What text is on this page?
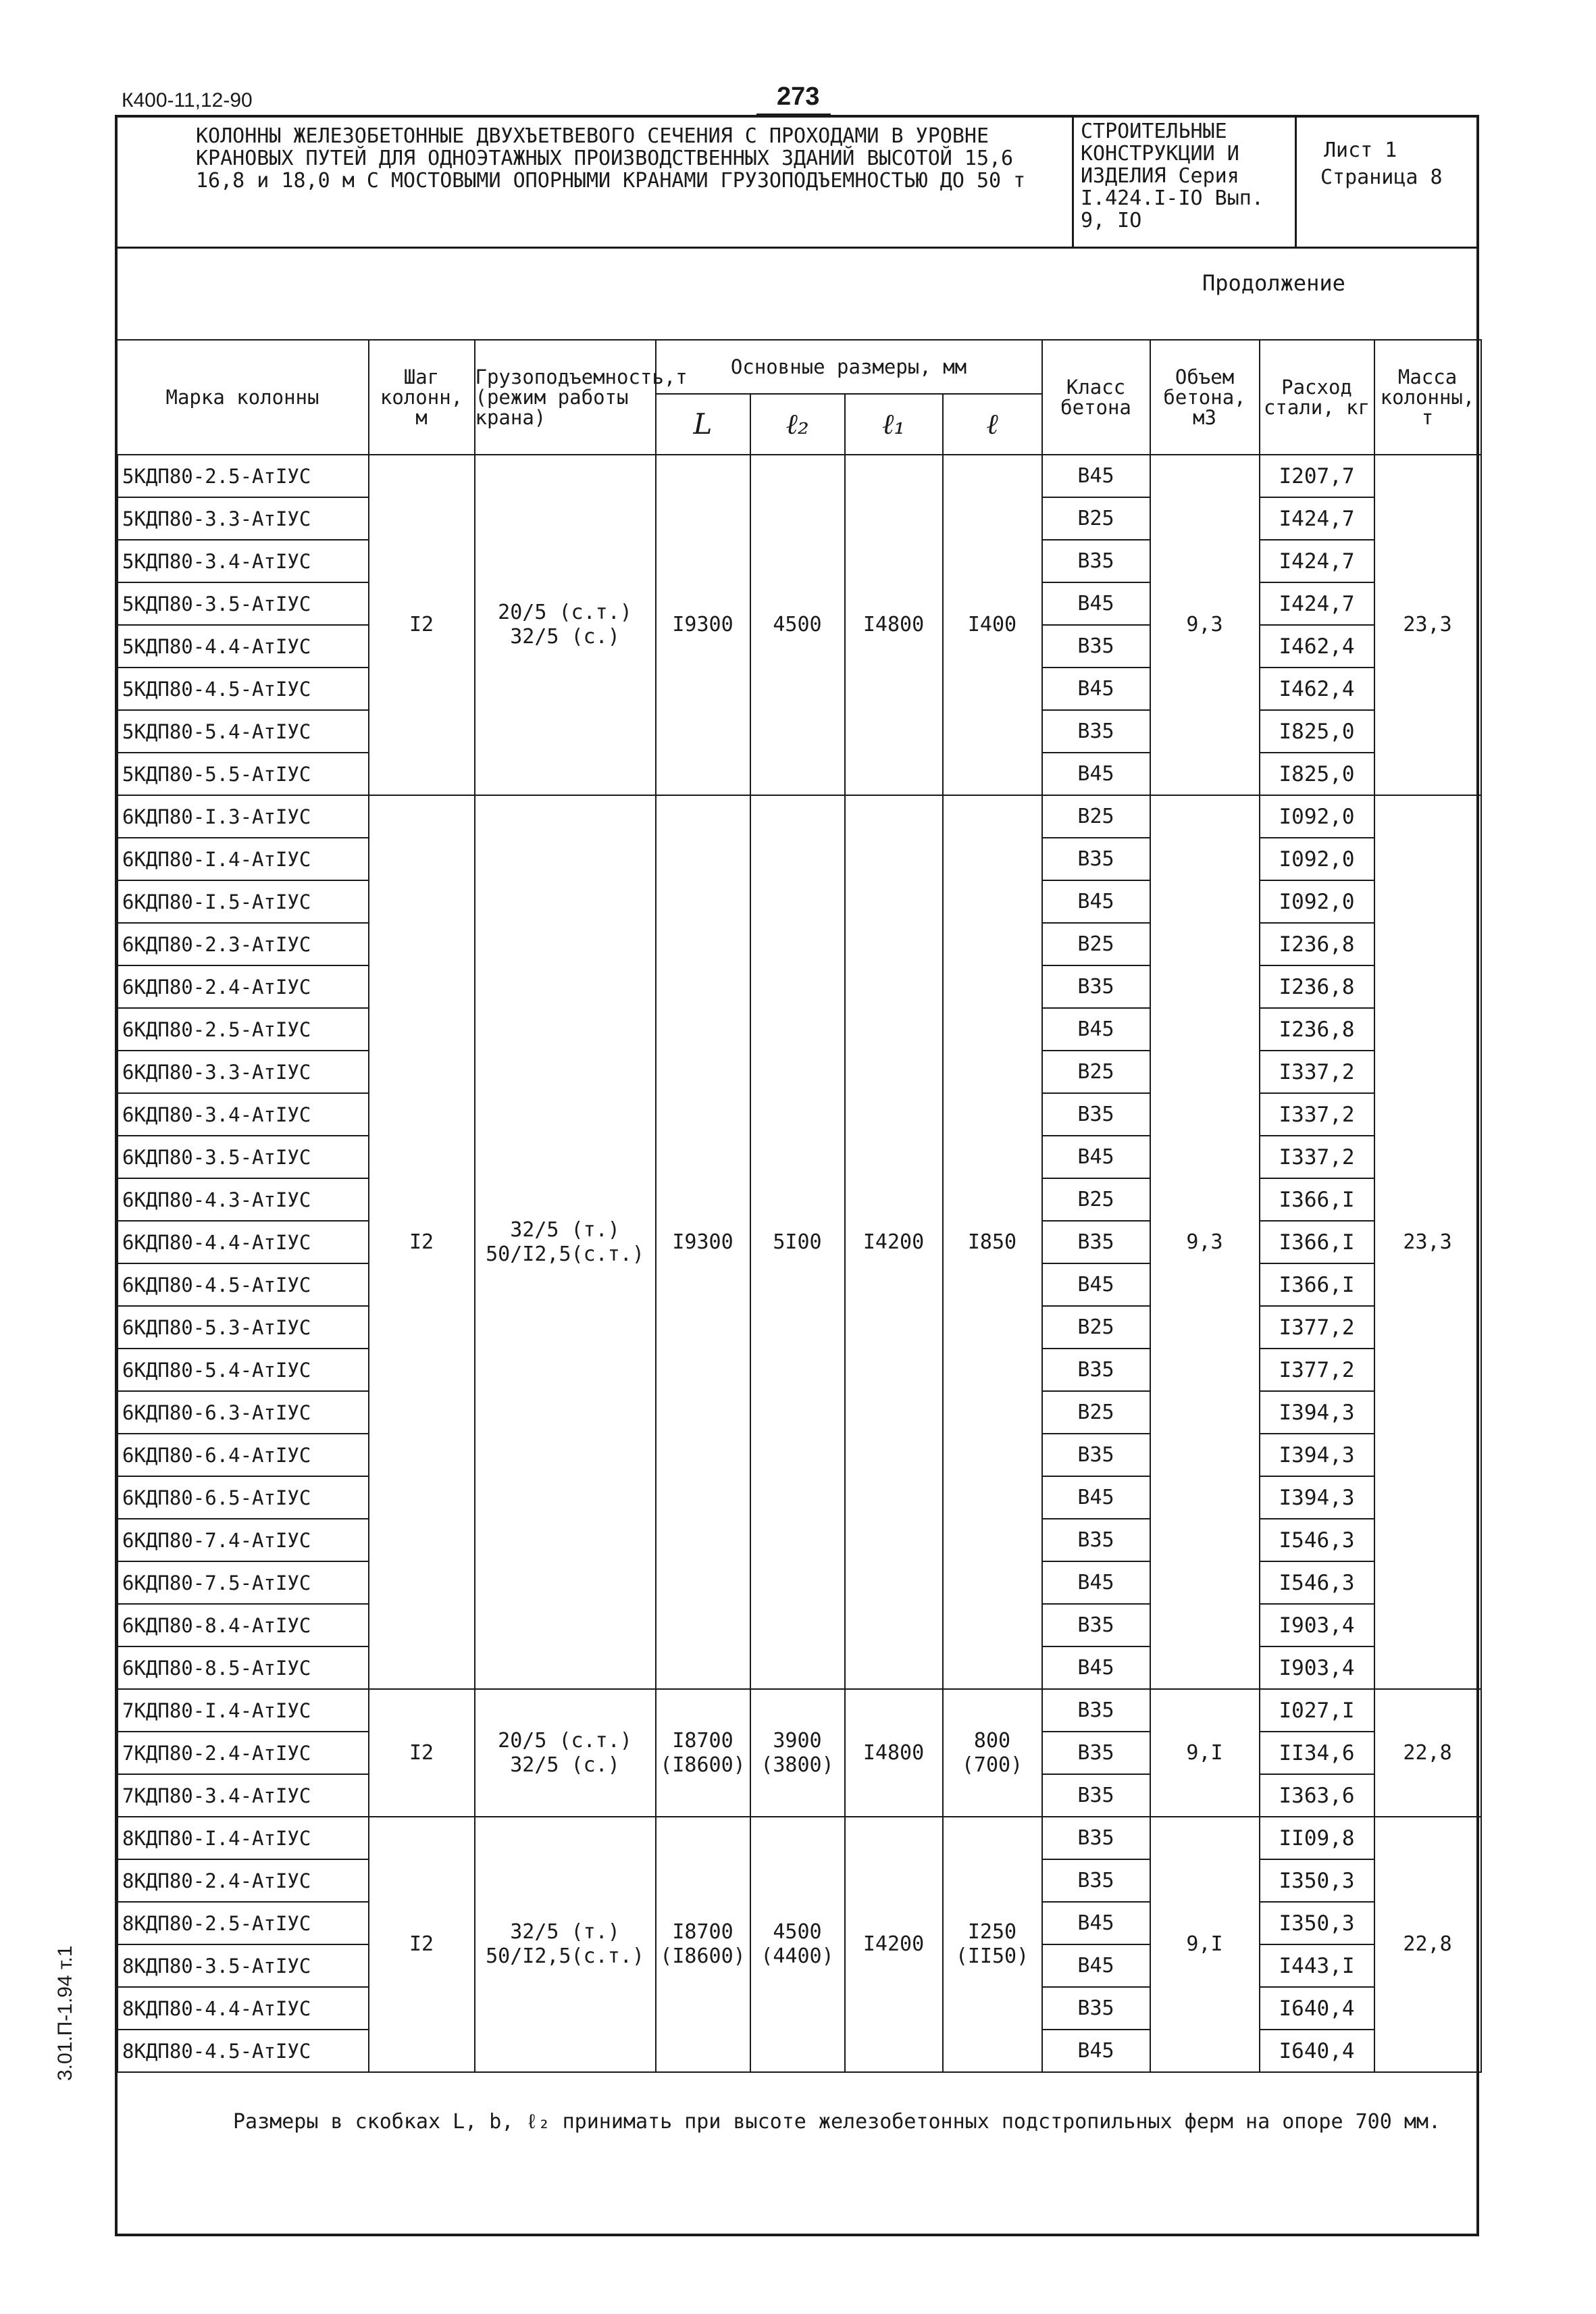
К400-11,12-90	273
КОЛОННЫ ЖЕЛЕЗОБЕТОННЫЕ ДВУХЪЕТВЕВОГО СЕЧЕНИЯ С ПРОХОДАМИ В УРОВНЕ КРАНОВЫХ ПУТЕЙ ДЛЯ ОДНОЭТАЖНЫХ ПРОИЗВОДСТВЕННЫХ ЗДАНИЙ ВЫСОТОЙ 15,6 16,8 и 18,0 м С МОСТОВЫМИ ОПОРНЫМИ КРАНАМИ ГРУЗОПОДЪЕМНОСТЬЮ ДО 50 т
СТРОИТЕЛЬНЫЕ КОНСТРУКЦИИ И ИЗДЕЛИЯ Серия I.424.I-IO Вып. 9, IO
Лист 1
Страница 8
Продолжение
Марка колонны	Шаг колонн, м	Грузоподъемность,т (режим работы крана)	Основные размеры, мм				Класс бетона	Объем бетона, м3	Расход стали, кг	Масса колонны, т
			L	ℓ₂	ℓ₁	ℓ				
5КДП80-2.5-АтIУС	I2	20/5 (с.т.) 32/5 (с.)	I9300	4500	I4800	I400	B45	9,3	I207,7	23,3
5КДП80-3.3-АтIУС							B25		I424,7	
5КДП80-3.4-АтIУС							B35		I424,7	
5КДП80-3.5-АтIУС							B45		I424,7	
5КДП80-4.4-АтIУС							B35		I462,4	
5КДП80-4.5-АтIУС							B45		I462,4	
5КДП80-5.4-АтIУС							B35		I825,0	
5КДП80-5.5-АтIУС							B45		I825,0	
6КДП80-I.3-АтIУС	I2	32/5 (т.) 50/I2,5(с.т.)	I9300	5I00	I4200	I850	B25	9,3	I092,0	23,3
6КДП80-I.4-АтIУС							B35		I092,0	
6КДП80-I.5-АтIУС							B45		I092,0	
6КДП80-2.3-АтIУС							B25		I236,8	
6КДП80-2.4-АтIУС							B35		I236,8	
6КДП80-2.5-АтIУС							B45		I236,8	
6КДП80-3.3-АтIУС							B25		I337,2	
6КДП80-3.4-АтIУС							B35		I337,2	
6КДП80-3.5-АтIУС							B45		I337,2	
6КДП80-4.3-АтIУС							B25		I366,I	
6КДП80-4.4-АтIУС							B35		I366,I	
6КДП80-4.5-АтIУС							B45		I366,I	
6КДП80-5.3-АтIУС							B25		I377,2	
6КДП80-5.4-АтIУС							B35		I377,2	
6КДП80-6.3-АтIУС							B25		I394,3	
6КДП80-6.4-АтIУС							B35		I394,3	
6КДП80-6.5-АтIУС							B45		I394,3	
6КДП80-7.4-АтIУС							B35		I546,3	
6КДП80-7.5-АтIУС							B45		I546,3	
6КДП80-8.4-АтIУС							B35		I903,4	
6КДП80-8.5-АтIУС							B45		I903,4	
7КДП80-I.4-АтIУС	I2	20/5 (с.т.) 32/5 (с.)	I8700 (I8600)	3900 (3800)	I4800	800 (700)	B35	9,I	I027,I	22,8
7КДП80-2.4-АтIУС							B35		II34,6	
7КДП80-3.4-АтIУС							B35		I363,6	
8КДП80-I.4-АтIУС	I2	32/5 (т.) 50/I2,5(с.т.)	I8700 (I8600)	4500 (4400)	I4200	I250 (II50)	B35	9,I	II09,8	22,8
8КДП80-2.4-АтIУС							B35		I350,3	
8КДП80-2.5-АтIУС							B45		I350,3	
8КДП80-3.5-АтIУС							B45		I443,I	
8КДП80-4.4-АтIУС							B35		I640,4	
8КДП80-4.5-АтIУС							B45		I640,4	
Размеры в скобках L, b, ℓ₂ принимать при высоте железобетонных подстропильных ферм на опоре 700 мм.
3.01.П-1.94 т.1
